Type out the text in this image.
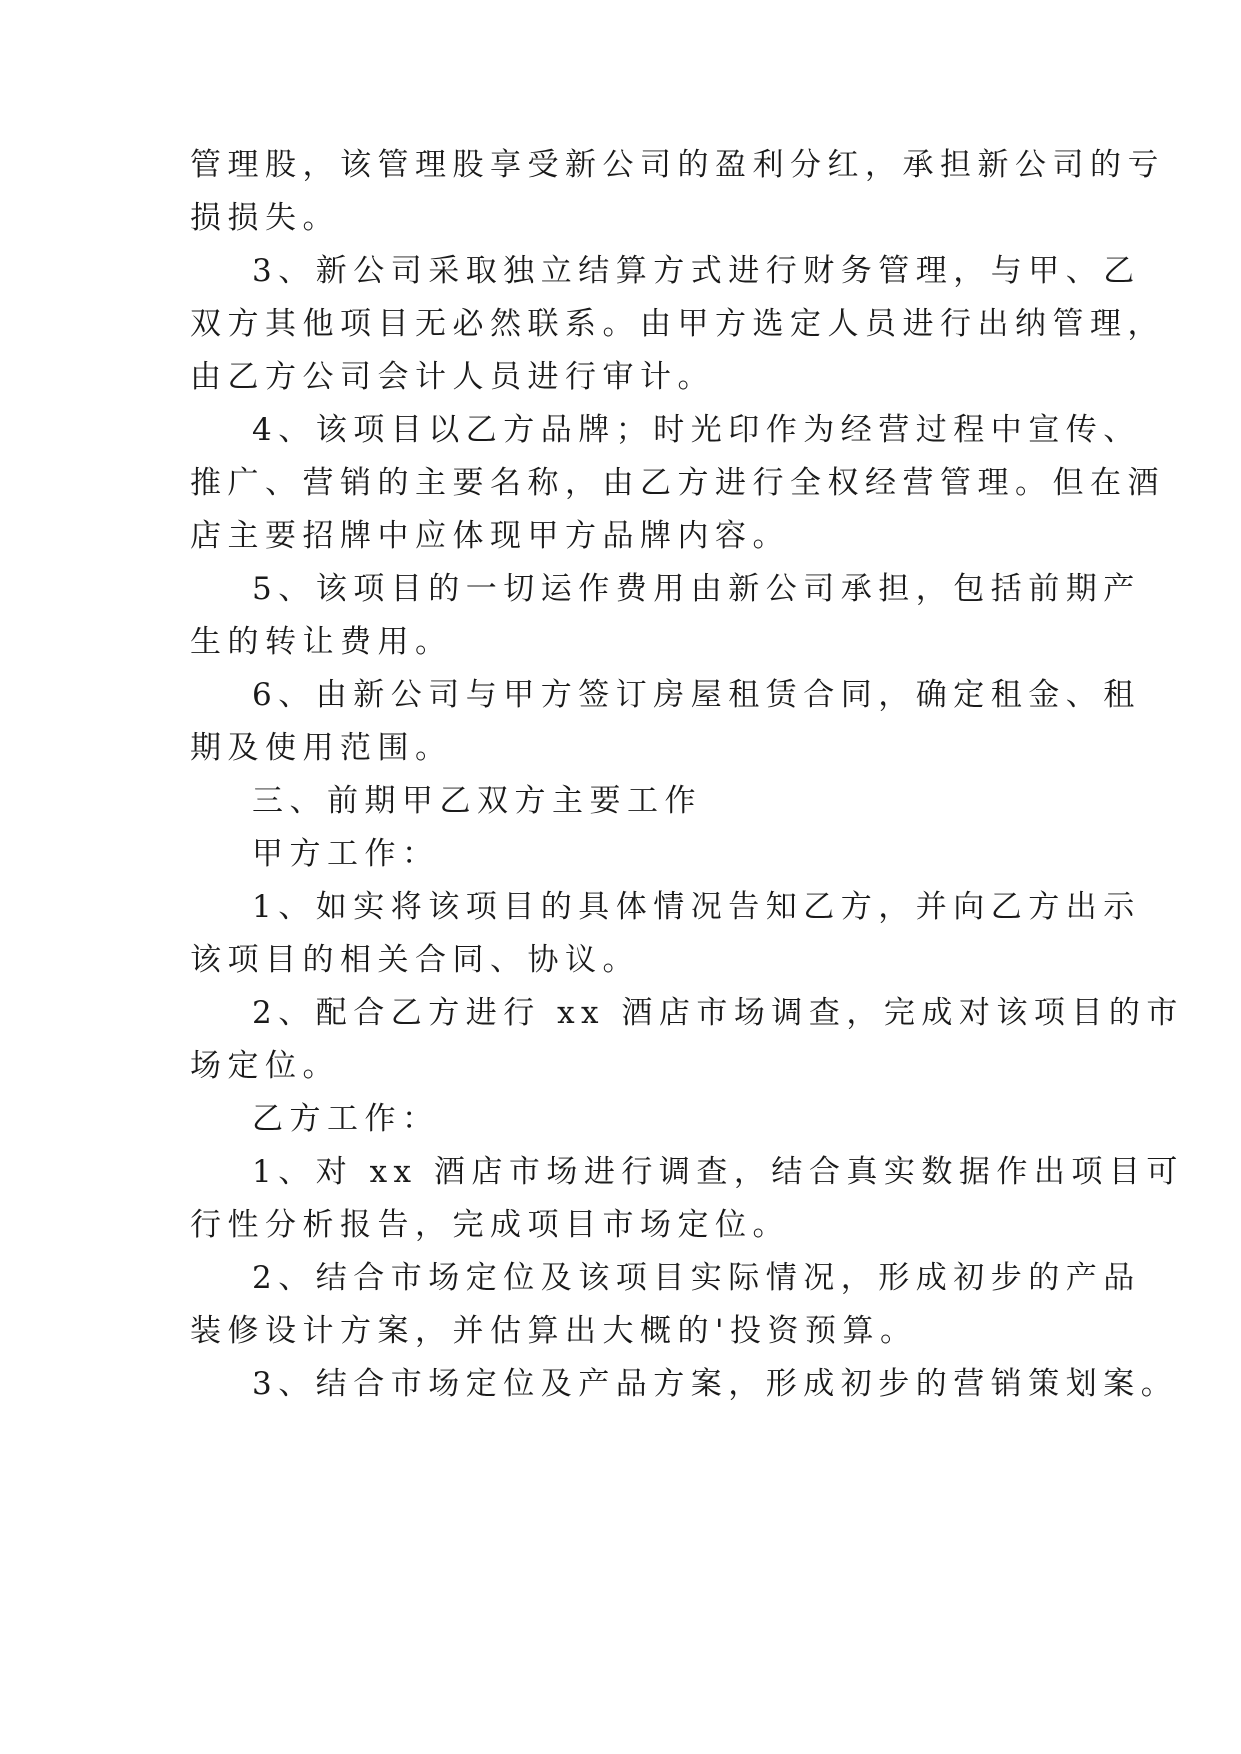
管理股，该管理股享受新公司的盈利分红，承担新公司的亏
损损失。
3、新公司采取独立结算方式进行财务管理，与甲、乙
双方其他项目无必然联系。由甲方选定人员进行出纳管理，
由乙方公司会计人员进行审计。
4、该项目以乙方品牌；时光印作为经营过程中宣传、
推广、营销的主要名称，由乙方进行全权经营管理。但在酒
店主要招牌中应体现甲方品牌内容。
5、该项目的一切运作费用由新公司承担，包括前期产
生的转让费用。
6、由新公司与甲方签订房屋租赁合同，确定租金、租
期及使用范围。
三、前期甲乙双方主要工作
甲方工作：
1、如实将该项目的具体情况告知乙方，并向乙方出示
该项目的相关合同、协议。
2、配合乙方进行 xx 酒店市场调查，完成对该项目的市
场定位。
乙方工作：
1、对 xx 酒店市场进行调查，结合真实数据作出项目可
行性分析报告，完成项目市场定位。
2、结合市场定位及该项目实际情况，形成初步的产品
装修设计方案，并估算出大概的'投资预算。
3、结合市场定位及产品方案，形成初步的营销策划案。
